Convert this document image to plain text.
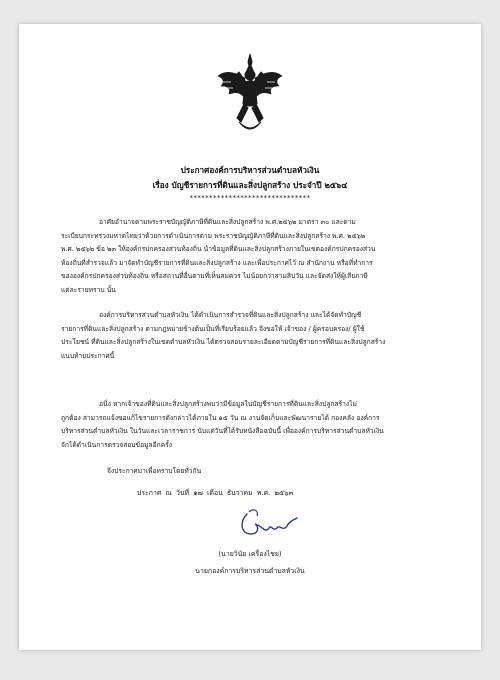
ประกาศองค์การบริหารส่วนตำบลหัวเงิน
เรื่อง บัญชีรายการที่ดินและสิ่งปลูกสร้าง ประจำปี ๒๕๖๔
*******************************
อาศัยอำนาจตามพระราชบัญญัติภาษีที่ดินและสิ่งปลูกสร้าง พ.ศ.๒๕๖๒ มาตรา ๓๐ และตาม
ระเบียบกระทรวงมหาดไทยว่าด้วยการดำเนินการตาม พระราชบัญญัติภาษีที่ดินและสิ่งปลูกสร้าง พ.ศ. ๒๕๖๒
พ.ศ. ๒๕๖๒ ข้อ ๒๓ ให้องค์กรปกครองส่วนท้องถิ่น นำข้อมูลที่ดินและสิ่งปลูกสร้างภายในเขตองค์กรปกครองส่วน
ท้องถิ่นที่สำรวจแล้ว มาจัดทำบัญชีรายการที่ดินและสิ่งปลูกสร้าง และเพื่อประกาศไว้ ณ สำนักงาน หรือที่ทำการ
ขององค์กรปกครองส่วนท้องถิ่น หรือสถานที่อื่นตามที่เห็นสมควร ไม่น้อยกว่าสามสิบวัน และจัดส่งให้ผู้เสียภาษี
แต่ละรายทราบ นั้น
องค์การบริหารส่วนตำบลหัวเงิน ได้ดำเนินการสำรวจที่ดินและสิ่งปลูกสร้าง และได้จัดทำบัญชี
รายการที่ดินและสิ่งปลูกสร้าง ตามกฎหมายข้างต้นเป็นที่เรียบร้อยแล้ว จึงขอให้ เจ้าของ / ผู้ครอบครอง/ ผู้ใช้
ประโยชน์ ที่ดินและสิ่งปลูกสร้างในเขตตำบลหัวเงิน ได้ตรวจสอบรายละเอียดตามบัญชีรายการที่ดินและสิ่งปลูกสร้าง
แนบท้ายประกาศนี้
อนึ่ง หากเจ้าของที่ดินและสิ่งปลูกสร้างพบว่ามีข้อมูลในบัญชีรายการที่ดินและสิ่งปลูกสร้างไม่
ถูกต้อง สามารถแจ้งขอแก้ไขรายการดังกล่าวได้ภายใน ๑๕ วัน ณ งานจัดเก็บและพัฒนารายได้ กองคลัง องค์การ
บริหารส่วนตำบลหัวเงิน ในวันและเวลาราชการ นับแต่วันที่ได้รับหนังสือฉบับนี้ เพื่อองค์การบริหารส่วนตำบลหัวเงิน
จักได้ดำเนินการตรวจสอบข้อมูลอีกครั้ง
จึงประกาศมาเพื่อทราบโดยทั่วกัน
ประกาศ ณ วันที่ ๑๗ เดือน ธันวาคม พ.ศ. ๒๕๖๓
(นายวินัย เครื่องไชย)
นายกองค์การบริหารส่วนตำบลหัวเงิน
